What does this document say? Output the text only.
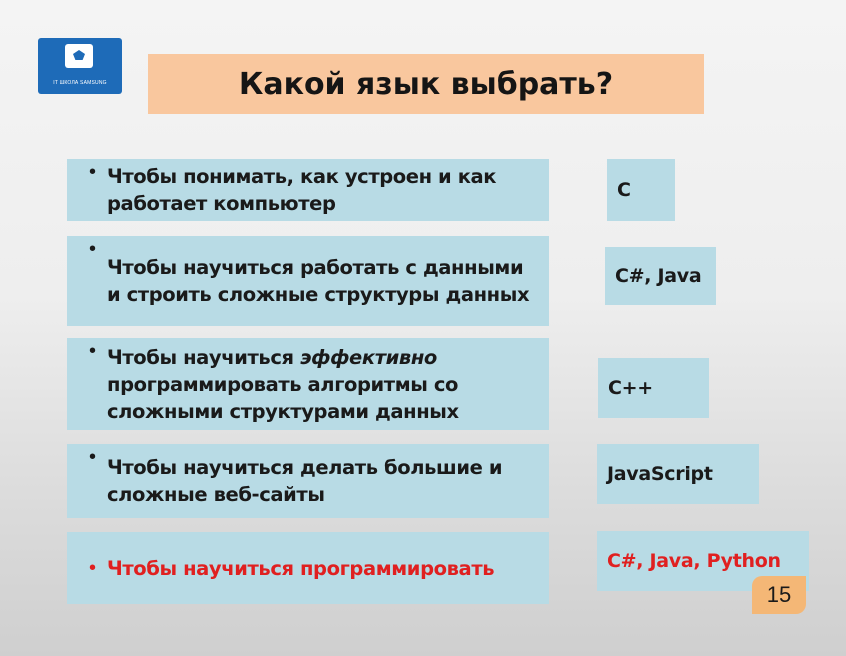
IT ШКОЛА SAMSUNG	Какой язык выбрать?
• Чтобы понимать, как устроен и как работает компьютер
C
•
Чтобы научиться работать с данными и строить сложные структуры данных
C#, Java
• Чтобы научиться эффективно программировать алгоритмы со сложными структурами данных
C++
• Чтобы научиться делать большие и сложные веб-сайты
JavaScript
• Чтобы научиться программировать	C#, Java, Python
15
